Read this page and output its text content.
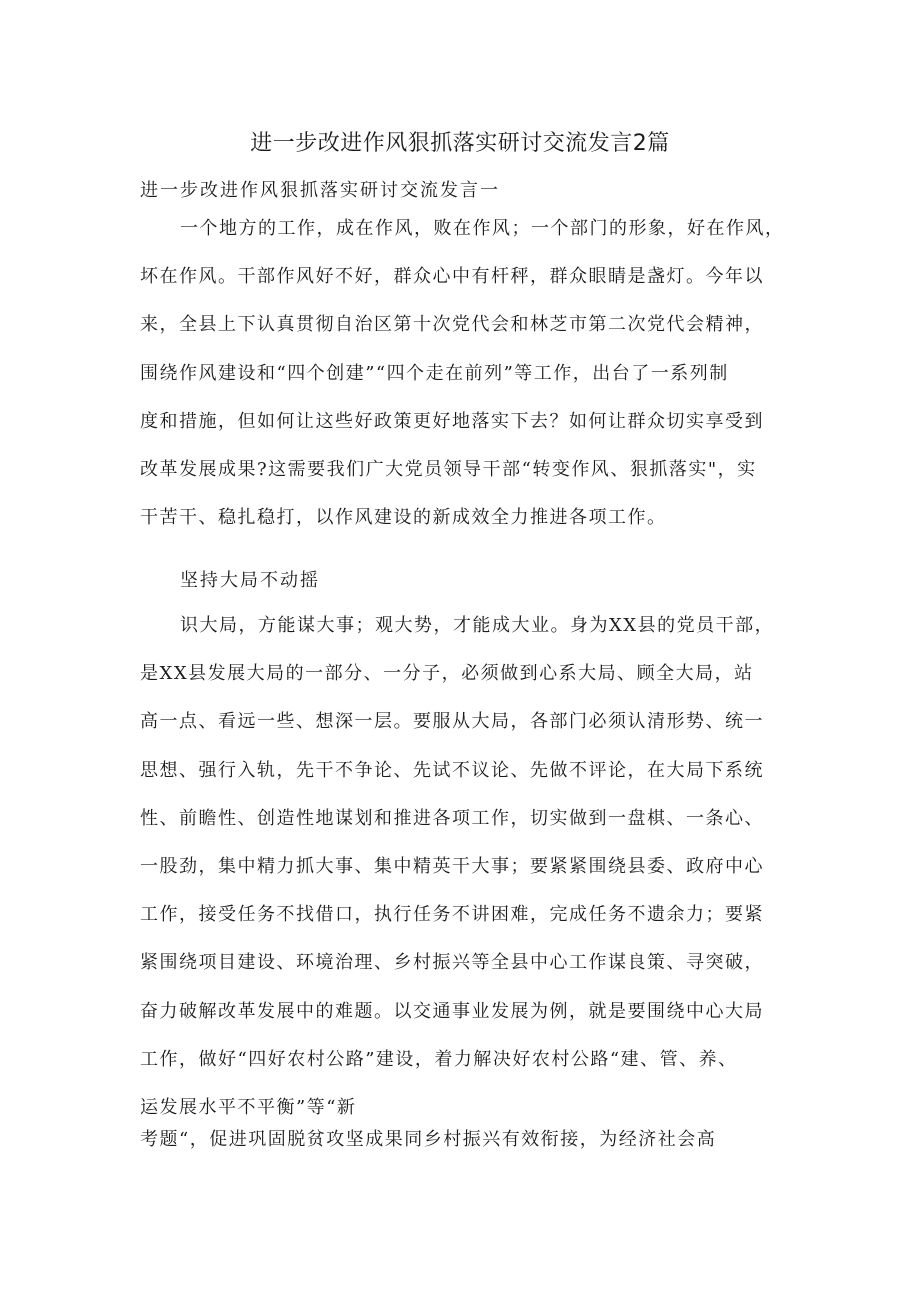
进一步改进作风狠抓落实研讨交流发言2篇

进一步改进作风狠抓落实研讨交流发言一

一个地方的工作，成在作风，败在作风；一个部门的形象，好在作风，
坏在作风。干部作风好不好，群众心中有杆秤，群众眼睛是盏灯。今年以
来，全县上下认真贯彻自治区第十次党代会和林芝市第二次党代会精神，
围绕作风建设和“四个创建”“四个走在前列”等工作，出台了一系列制
度和措施，但如何让这些好政策更好地落实下去？如何让群众切实享受到
改革发展成果?这需要我们广大党员领导干部“转变作风、狠抓落实"，实
干苦干、稳扎稳打，以作风建设的新成效全力推进各项工作。

坚持大局不动摇

识大局，方能谋大事；观大势，才能成大业。身为XX县的党员干部，
是XX县发展大局的一部分、一分子，必须做到心系大局、顾全大局，站
高一点、看远一些、想深一层。要服从大局，各部门必须认清形势、统一
思想、强行入轨，先干不争论、先试不议论、先做不评论，在大局下系统
性、前瞻性、创造性地谋划和推进各项工作，切实做到一盘棋、一条心、
一股劲，集中精力抓大事、集中精英干大事；要紧紧围绕县委、政府中心
工作，接受任务不找借口，执行任务不讲困难，完成任务不遗余力；要紧
紧围绕项目建设、环境治理、乡村振兴等全县中心工作谋良策、寻突破，
奋力破解改革发展中的难题。以交通事业发展为例，就是要围绕中心大局
工作，做好“四好农村公路”建设，着力解决好农村公路“建、管、养、
运发展水平不平衡”等“新

考题“，促进巩固脱贫攻坚成果同乡村振兴有效衔接，为经济社会高
